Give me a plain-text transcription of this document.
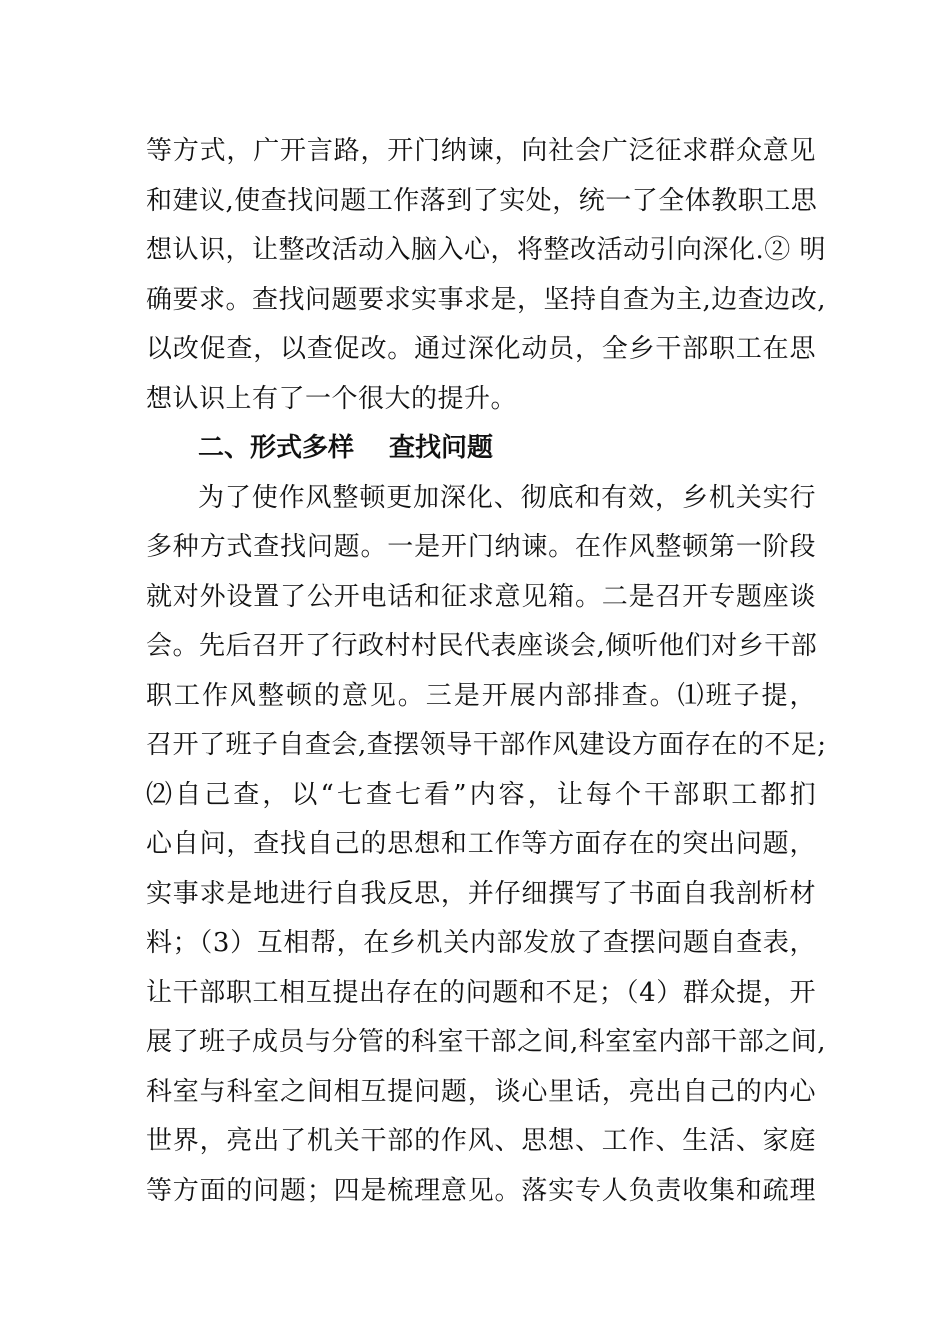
等方式，广开言路，开门纳谏，向社会广泛征求群众意见
和建议,使查找问题工作落到了实处，统一了全体教职工思
想认识，让整改活动入脑入心，将整改活动引向深化.② 明
确要求。查找问题要求实事求是，坚持自查为主,边查边改,
以改促查，以查促改。通过深化动员，全乡干部职工在思
想认识上有了一个很大的提升。
二、形式多样　 查找问题
为了使作风整顿更加深化、彻底和有效，乡机关实行
多种方式查找问题。一是开门纳谏。在作风整顿第一阶段
就对外设置了公开电话和征求意见箱。二是召开专题座谈
会。先后召开了行政村村民代表座谈会,倾听他们对乡干部
职工作风整顿的意见。三是开展内部排查。⑴班子提，
召开了班子自查会,查摆领导干部作风建设方面存在的不足;
⑵自己查，以“七查七看”内容，让每个干部职工都扪
心自问，查找自己的思想和工作等方面存在的突出问题，
实事求是地进行自我反思，并仔细撰写了书面自我剖析材
料；（3）互相帮，在乡机关内部发放了查摆问题自查表，
让干部职工相互提出存在的问题和不足；（4）群众提，开
展了班子成员与分管的科室干部之间,科室室内部干部之间,
科室与科室之间相互提问题，谈心里话，亮出自己的内心
世界，亮出了机关干部的作风、思想、工作、生活、家庭
等方面的问题；四是梳理意见。落实专人负责收集和疏理
